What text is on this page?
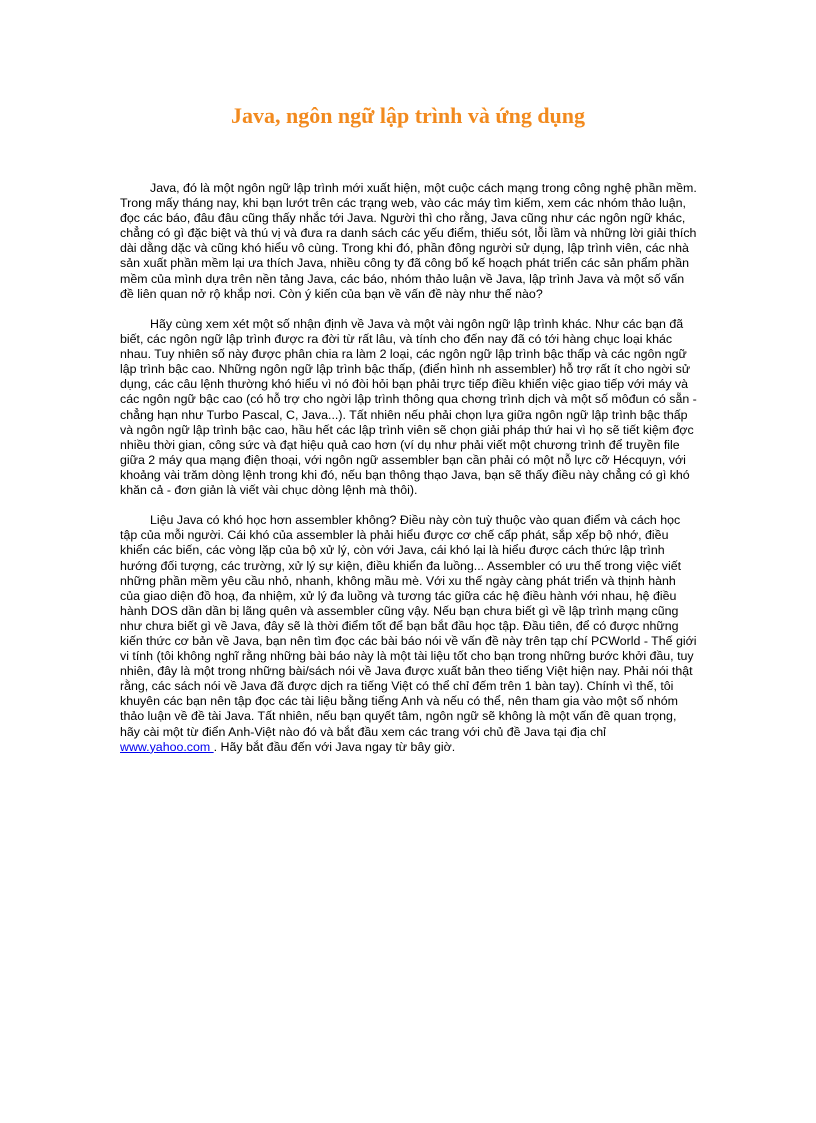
Java, ngôn ngữ lập trình và ứng dụng

Java, đó là một ngôn ngữ lập trình mới xuất hiện, một cuộc cách mạng trong công nghệ phần mềm. Trong mấy tháng nay, khi bạn lướt trên các trạng web, vào các máy tìm kiếm, xem các nhóm thảo luận, đọc các báo, đâu đâu cũng thấy nhắc tới Java. Người thì cho rằng, Java cũng như các ngôn ngữ khác, chẳng có gì đặc biệt và thú vị và đưa ra danh sách các yếu điểm, thiếu sót, lỗi lầm và những lời giải thích dài dằng dặc và cũng khó hiểu vô cùng. Trong khi đó, phần đông người sử dụng, lập trình viên, các nhà sản xuất phần mềm lại ưa thích Java, nhiều công ty đã công bố kế hoạch phát triển các sản phẩm phần mềm của mình dựa trên nền tảng Java, các báo, nhóm thảo luận về Java, lập trình Java và một số vấn đề liên quan nở rộ khắp nơi. Còn ý kiến của bạn về vấn đề này như thế nào?

Hãy cùng xem xét một số nhận định về Java và một vài ngôn ngữ lập trình khác. Như các bạn đã biết, các ngôn ngữ lập trình được ra đời từ rất lâu, và tính cho đến nay đã có tới hàng chục loại khác nhau. Tuy nhiên số này được phân chia ra làm 2 loại, các ngôn ngữ lập trình bậc thấp và các ngôn ngữ lập trình bậc cao. Những ngôn ngữ lập trình bậc thấp, (điển hình nh assembler) hỗ trợ rất ít cho ngời sử dụng, các câu lệnh thường khó hiểu vì nó đòi hỏi bạn phải trực tiếp điều khiển việc giao tiếp với máy và các ngôn ngữ bậc cao (có hỗ trợ cho ngời lập trình thông qua chơng trình dịch và một số môđun có sẵn - chẳng hạn như Turbo Pascal, C, Java...). Tất nhiên nếu phải chọn lựa giữa ngôn ngữ lập trình bậc thấp và ngôn ngữ lập trình bậc cao, hầu hết các lập trình viên sẽ chọn giải pháp thứ hai vì họ sẽ tiết kiệm đợc nhiều thời gian, công sức và đạt hiệu quả cao hơn (ví dụ như phải viết một chương trình để truyền file giữa 2 máy qua mạng điện thoại, với ngôn ngữ assembler bạn cần phải có một nỗ lực cỡ Hécquyn, với khoảng vài trăm dòng lệnh trong khi đó, nếu bạn thông thạo Java, bạn sẽ thấy điều này chẳng có gì khó khăn cả - đơn giản là viết vài chục dòng lệnh mà thôi).

Liệu Java có khó học hơn assembler không? Điều này còn tuỳ thuộc vào quan điểm và cách học tập của mỗi người. Cái khó của assembler là phải hiểu được cơ chế cấp phát, sắp xếp bộ nhớ, điều khiển các biến, các vòng lặp của bộ xử lý, còn với Java, cái khó lại là hiểu được cách thức lập trình hướng đối tượng, các trường, xử lý sự kiện, điều khiển đa luồng... Assembler có ưu thế trong việc viết những phần mềm yêu cầu nhỏ, nhanh, không mầu mè. Với xu thế ngày càng phát triển và thịnh hành của giao diện đồ hoạ, đa nhiệm, xử lý đa luồng và tương tác giữa các hệ điều hành với nhau, hệ điều hành DOS dần dần bị lãng quên và assembler cũng vậy. Nếu bạn chưa biết gì về lập trình mạng cũng như chưa biết gì về Java, đây sẽ là thời điểm tốt để bạn bắt đầu học tập. Đầu tiên, để có được những kiến thức cơ bản về Java, bạn nên tìm đọc các bài báo nói về vấn đề này trên tạp chí PCWorld - Thế giới vi tính (tôi không nghĩ rằng những bài báo này là một tài liệu tốt cho bạn trong những bước khởi đầu, tuy nhiên, đây là một trong những bài/sách nói về Java được xuất bản theo tiếng Việt hiện nay. Phải nói thật rằng, các sách nói về Java đã được dịch ra tiếng Việt có thể chỉ đếm trên 1 bàn tay). Chính vì thế, tôi khuyên các bạn nên tập đọc các tài liệu bằng tiếng Anh và nếu có thể, nên tham gia vào một số nhóm thảo luận về đề tài Java. Tất nhiên, nếu bạn quyết tâm, ngôn ngữ sẽ không là một vấn đề quan trọng, hãy cài một từ điển Anh-Việt nào đó và bắt đầu xem các trang với chủ đề Java tại địa chỉ www.yahoo.com . Hãy bắt đầu đến với Java ngay từ bây giờ.
